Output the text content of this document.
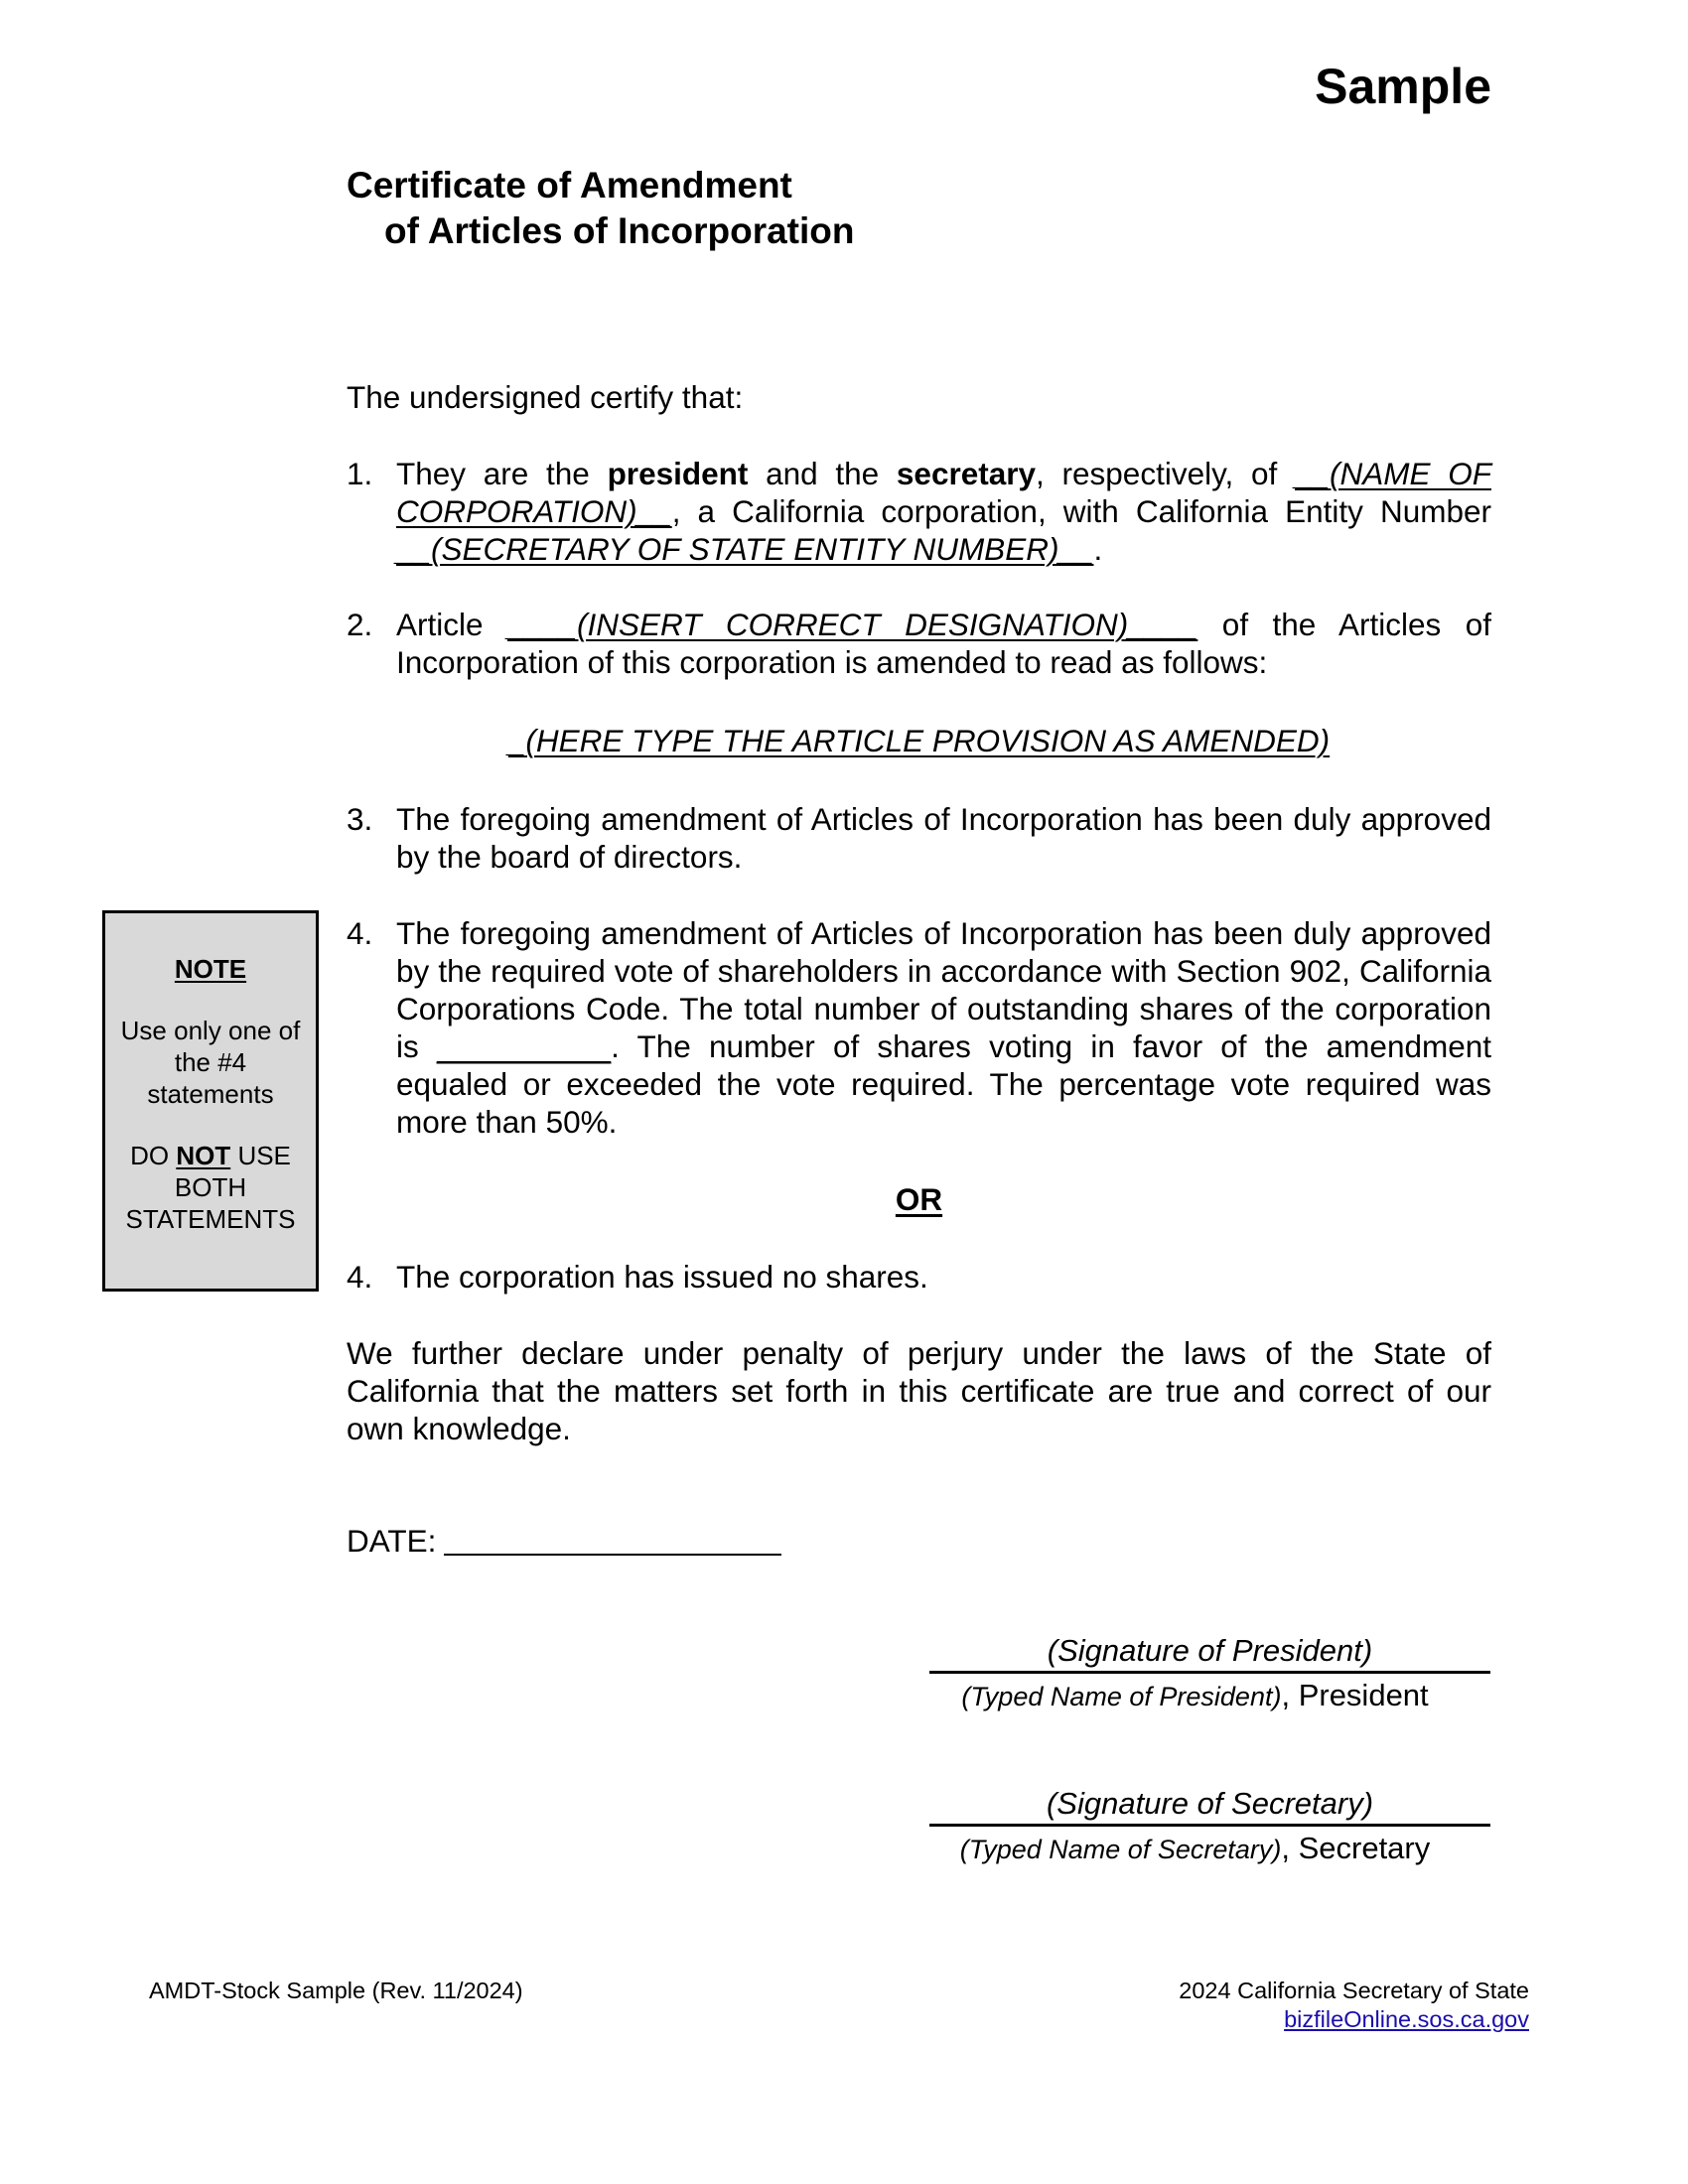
Sample
Certificate of Amendment
of Articles of Incorporation
The undersigned certify that:
1. They are the president and the secretary, respectively, of __(NAME OF CORPORATION)__, a California corporation, with California Entity Number __(SECRETARY OF STATE ENTITY NUMBER)__.
2. Article ____(INSERT CORRECT DESIGNATION)____ of the Articles of Incorporation of this corporation is amended to read as follows:
_(HERE TYPE THE ARTICLE PROVISION AS AMENDED)
3. The foregoing amendment of Articles of Incorporation has been duly approved by the board of directors.
4. The foregoing amendment of Articles of Incorporation has been duly approved by the required vote of shareholders in accordance with Section 902, California Corporations Code. The total number of outstanding shares of the corporation is __________. The number of shares voting in favor of the amendment equaled or exceeded the vote required. The percentage vote required was more than 50%.
OR
4. The corporation has issued no shares.
We further declare under penalty of perjury under the laws of the State of California that the matters set forth in this certificate are true and correct of our own knowledge.
DATE:
(Signature of President)
(Typed Name of President), President
(Signature of Secretary)
(Typed Name of Secretary), Secretary
NOTE
Use only one of the #4 statements
DO NOT USE BOTH STATEMENTS
AMDT-Stock Sample (Rev. 11/2024)	2024 California Secretary of State
bizfileOnline.sos.ca.gov
